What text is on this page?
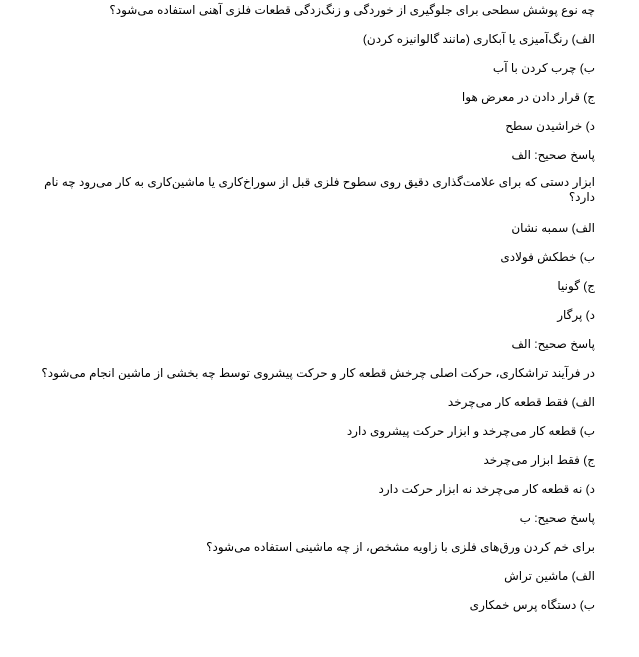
چه نوع پوشش سطحی برای جلوگیری از خوردگی و زنگ‌زدگی قطعات فلزی آهنی استفاده می‌شود؟
الف) رنگ‌آمیزی یا آبکاری (مانند گالوانیزه کردن)
ب) چرب کردن با آب
ج) قرار دادن در معرض هوا
د) خراشیدن سطح
پاسخ صحیح: الف
ابزار دستی که برای علامت‌گذاری دقیق روی سطوح فلزی قبل از سوراخ‌کاری یا ماشین‌کاری به کار می‌رود چه نام دارد؟
الف) سمبه نشان
ب) خطکش فولادی
ج) گونیا
د) پرگار
پاسخ صحیح: الف
در فرآیند تراشکاری، حرکت اصلی چرخش قطعه کار و حرکت پیشروی توسط چه بخشی از ماشین انجام می‌شود؟
الف) فقط قطعه کار می‌چرخد
ب) قطعه کار می‌چرخد و ابزار حرکت پیشروی دارد
ج) فقط ابزار می‌چرخد
د) نه قطعه کار می‌چرخد نه ابزار حرکت دارد
پاسخ صحیح: ب
برای خم کردن ورق‌های فلزی با زاویه مشخص، از چه ماشینی استفاده می‌شود؟
الف) ماشین تراش
ب) دستگاه پرس خمکاری
